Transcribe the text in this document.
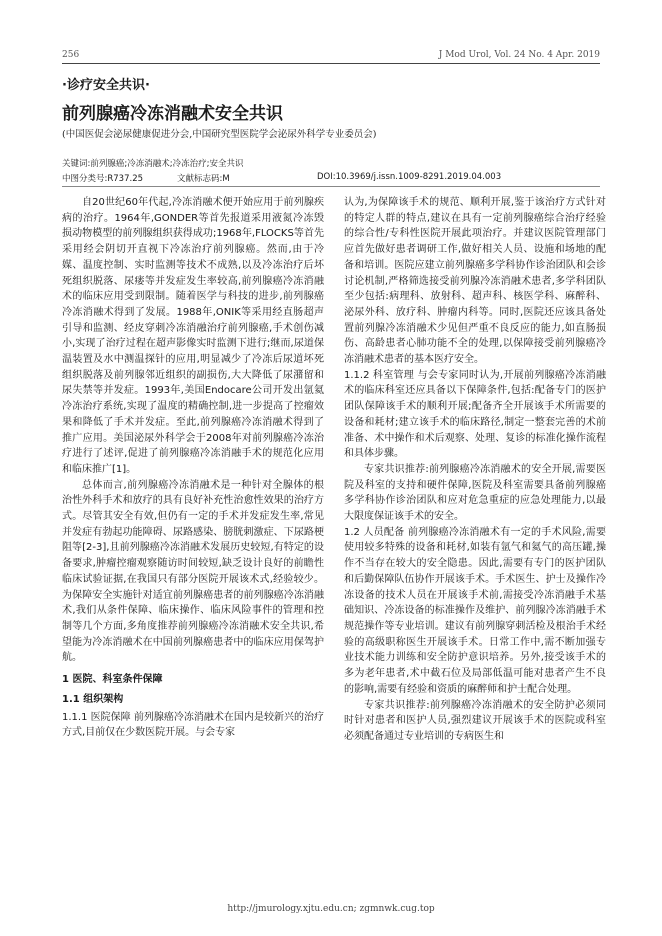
256	J Mod Urol, Vol. 24 No. 4 Apr. 2019
·诊疗安全共识·
前列腺癌冷冻消融术安全共识
(中国医促会泌尿健康促进分会,中国研究型医院学会泌尿外科学专业委员会)
关键词:前列腺癌;冷冻消融术;冷冻治疗;安全共识
中图分类号:R737.25	文献标志码:M	DOI:10.3969/j.issn.1009-8291.2019.04.003

自20世纪60年代起,冷冻消融术便开始应用于前列腺疾病的治疗。1964年,GONDER等首先报道采用液氮冷冻毁损动物模型的前列腺组织获得成功;1968年,FLOCKS等首先采用经会阴切开直视下冷冻治疗前列腺癌。然而,由于冷媒、温度控制、实时监测等技术不成熟,以及冷冻治疗后坏死组织脱落、尿瘘等并发症发生率较高,前列腺癌冷冻消融术的临床应用受到限制。随着医学与科技的进步,前列腺癌冷冻消融术得到了发展。1988年,ONIK等采用经直肠超声引导和监测、经皮穿刺冷冻消融治疗前列腺癌,手术创伤减小,实现了治疗过程在超声影像实时监测下进行;继而,尿道保温装置及水中测温探针的应用,明显减少了冷冻后尿道坏死组织脱落及前列腺邻近组织的副损伤,大大降低了尿潴留和尿失禁等并发症。1993年,美国Endocare公司开发出氩氦冷冻治疗系统,实现了温度的精确控制,进一步提高了控瘤效果和降低了手术并发症。至此,前列腺癌冷冻消融术得到了推广应用。美国泌尿外科学会于2008年对前列腺癌冷冻治疗进行了述评,促进了前列腺癌冷冻消融手术的规范化应用和临床推广[1]。

总体而言,前列腺癌冷冻消融术是一种针对全腺体的根治性外科手术和放疗的具有良好补充性治愈性效果的治疗方式。尽管其安全有效,但仍有一定的手术并发症发生率,常见并发症有勃起功能障碍、尿路感染、膀胱刺激症、下尿路梗阻等[2-3],且前列腺癌冷冻消融术发展历史较短,有特定的设备要求,肿瘤控瘤观察随访时间较短,缺乏设计良好的前瞻性临床试验证据,在我国只有部分医院开展该术式,经验较少。为保障安全实施针对适宜前列腺癌患者的前列腺癌冷冻消融术,我们从条件保障、临床操作、临床风险事件的管理和控制等几个方面,多角度推荐前列腺癌冷冻消融术安全共识,希望能为冷冻消融术在中国前列腺癌患者中的临床应用保驾护航。

1 医院、科室条件保障
1.1 组织架构

1.1.1 医院保障 前列腺癌冷冻消融术在国内是较新兴的治疗方式,目前仅在少数医院开展。与会专家

认为,为保障该手术的规范、顺利开展,鉴于该治疗方式针对的特定人群的特点,建议在具有一定前列腺癌综合治疗经验的综合性/专科性医院开展此项治疗。并建议医院管理部门应首先做好患者调研工作,做好相关人员、设施和场地的配备和培训。医院应建立前列腺癌多学科协作诊治团队和会诊讨论机制,严格筛选接受前列腺冷冻消融术患者,多学科团队至少包括:病理科、放射科、超声科、核医学科、麻醉科、泌尿外科、放疗科、肿瘤内科等。同时,医院还应该具备处置前列腺冷冻消融术少见但严重不良反应的能力,如直肠损伤、高龄患者心肺功能不全的处理,以保障接受前列腺癌冷冻消融术患者的基本医疗安全。

1.1.2 科室管理 与会专家同时认为,开展前列腺癌冷冻消融术的临床科室还应具备以下保障条件,包括:配备专门的医护团队保障该手术的顺利开展;配备齐全开展该手术所需要的设备和耗材;建立该手术的临床路径,制定一整套完善的术前准备、术中操作和术后观察、处理、复诊的标准化操作流程和具体步骤。

专家共识推荐:前列腺癌冷冻消融术的安全开展,需要医院及科室的支持和硬件保障,医院及科室需要具备前列腺癌多学科协作诊治团队和应对危急重症的应急处理能力,以最大限度保证该手术的安全。

1.2 人员配备 前列腺癌冷冻消融术有一定的手术风险,需要使用较多特殊的设备和耗材,如装有氩气和氦气的高压罐,操作不当存在较大的安全隐患。因此,需要有专门的医护团队和后勤保障队伍协作开展该手术。手术医生、护士及操作冷冻设备的技术人员在开展该手术前,需接受冷冻消融手术基础知识、冷冻设备的标准操作及维护、前列腺冷冻消融手术规范操作等专业培训。建议有前列腺穿刺活检及根治手术经验的高级职称医生开展该手术。日常工作中,需不断加强专业技术能力训练和安全防护意识培养。另外,接受该手术的多为老年患者,术中截石位及局部低温可能对患者产生不良的影响,需要有经验和资质的麻醉师和护士配合处理。

专家共识推荐:前列腺癌冷冻消融术的安全防护必须同时针对患者和医护人员,强烈建议开展该手术的医院或科室必须配备通过专业培训的专病医生和

http://jmurology.xjtu.edu.cn; zgmnwk.cug.top
